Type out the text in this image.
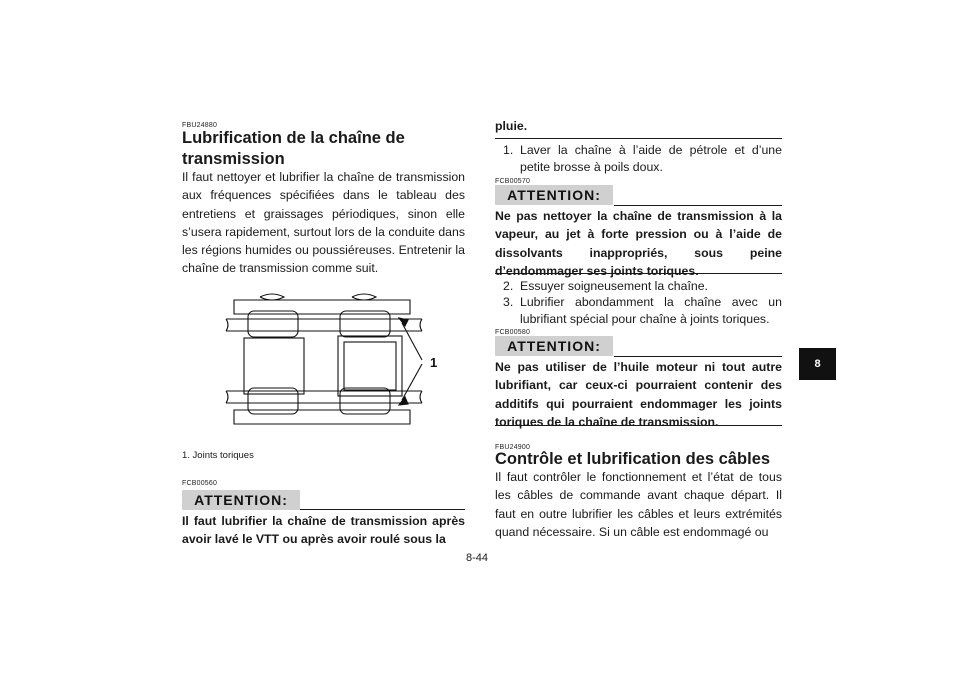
FBU24880
Lubrification de la chaîne de transmission
Il faut nettoyer et lubrifier la chaîne de transmission aux fréquences spécifiées dans le tableau des entretiens et graissages périodiques, sinon elle s’usera rapidement, surtout lors de la conduite dans les régions humides ou poussiéreuses. Entretenir la chaîne de transmission comme suit.
1
1. Joints toriques
FCB00560
ATTENTION:
Il faut lubrifier la chaîne de transmission après avoir lavé le VTT ou après avoir roulé sous la
pluie.
1. Laver la chaîne à l’aide de pétrole et d’une petite brosse à poils doux.
FCB00570
ATTENTION:
Ne pas nettoyer la chaîne de transmission à la vapeur, au jet à forte pression ou à l’aide de dissolvants inappropriés, sous peine d’endommager ses joints toriques.
2. Essuyer soigneusement la chaîne.
3. Lubrifier abondamment la chaîne avec un lubrifiant spécial pour chaîne à joints toriques.
FCB00580
ATTENTION:
Ne pas utiliser de l’huile moteur ni tout autre lubrifiant, car ceux-ci pourraient contenir des additifs qui pourraient endommager les joints toriques de la chaîne de transmission.
FBU24900
Contrôle et lubrification des câbles
Il faut contrôler le fonctionnement et l’état de tous les câbles de commande avant chaque départ. Il faut en outre lubrifier les câbles et leurs extrémités quand nécessaire. Si un câble est endommagé ou
8
8-44
